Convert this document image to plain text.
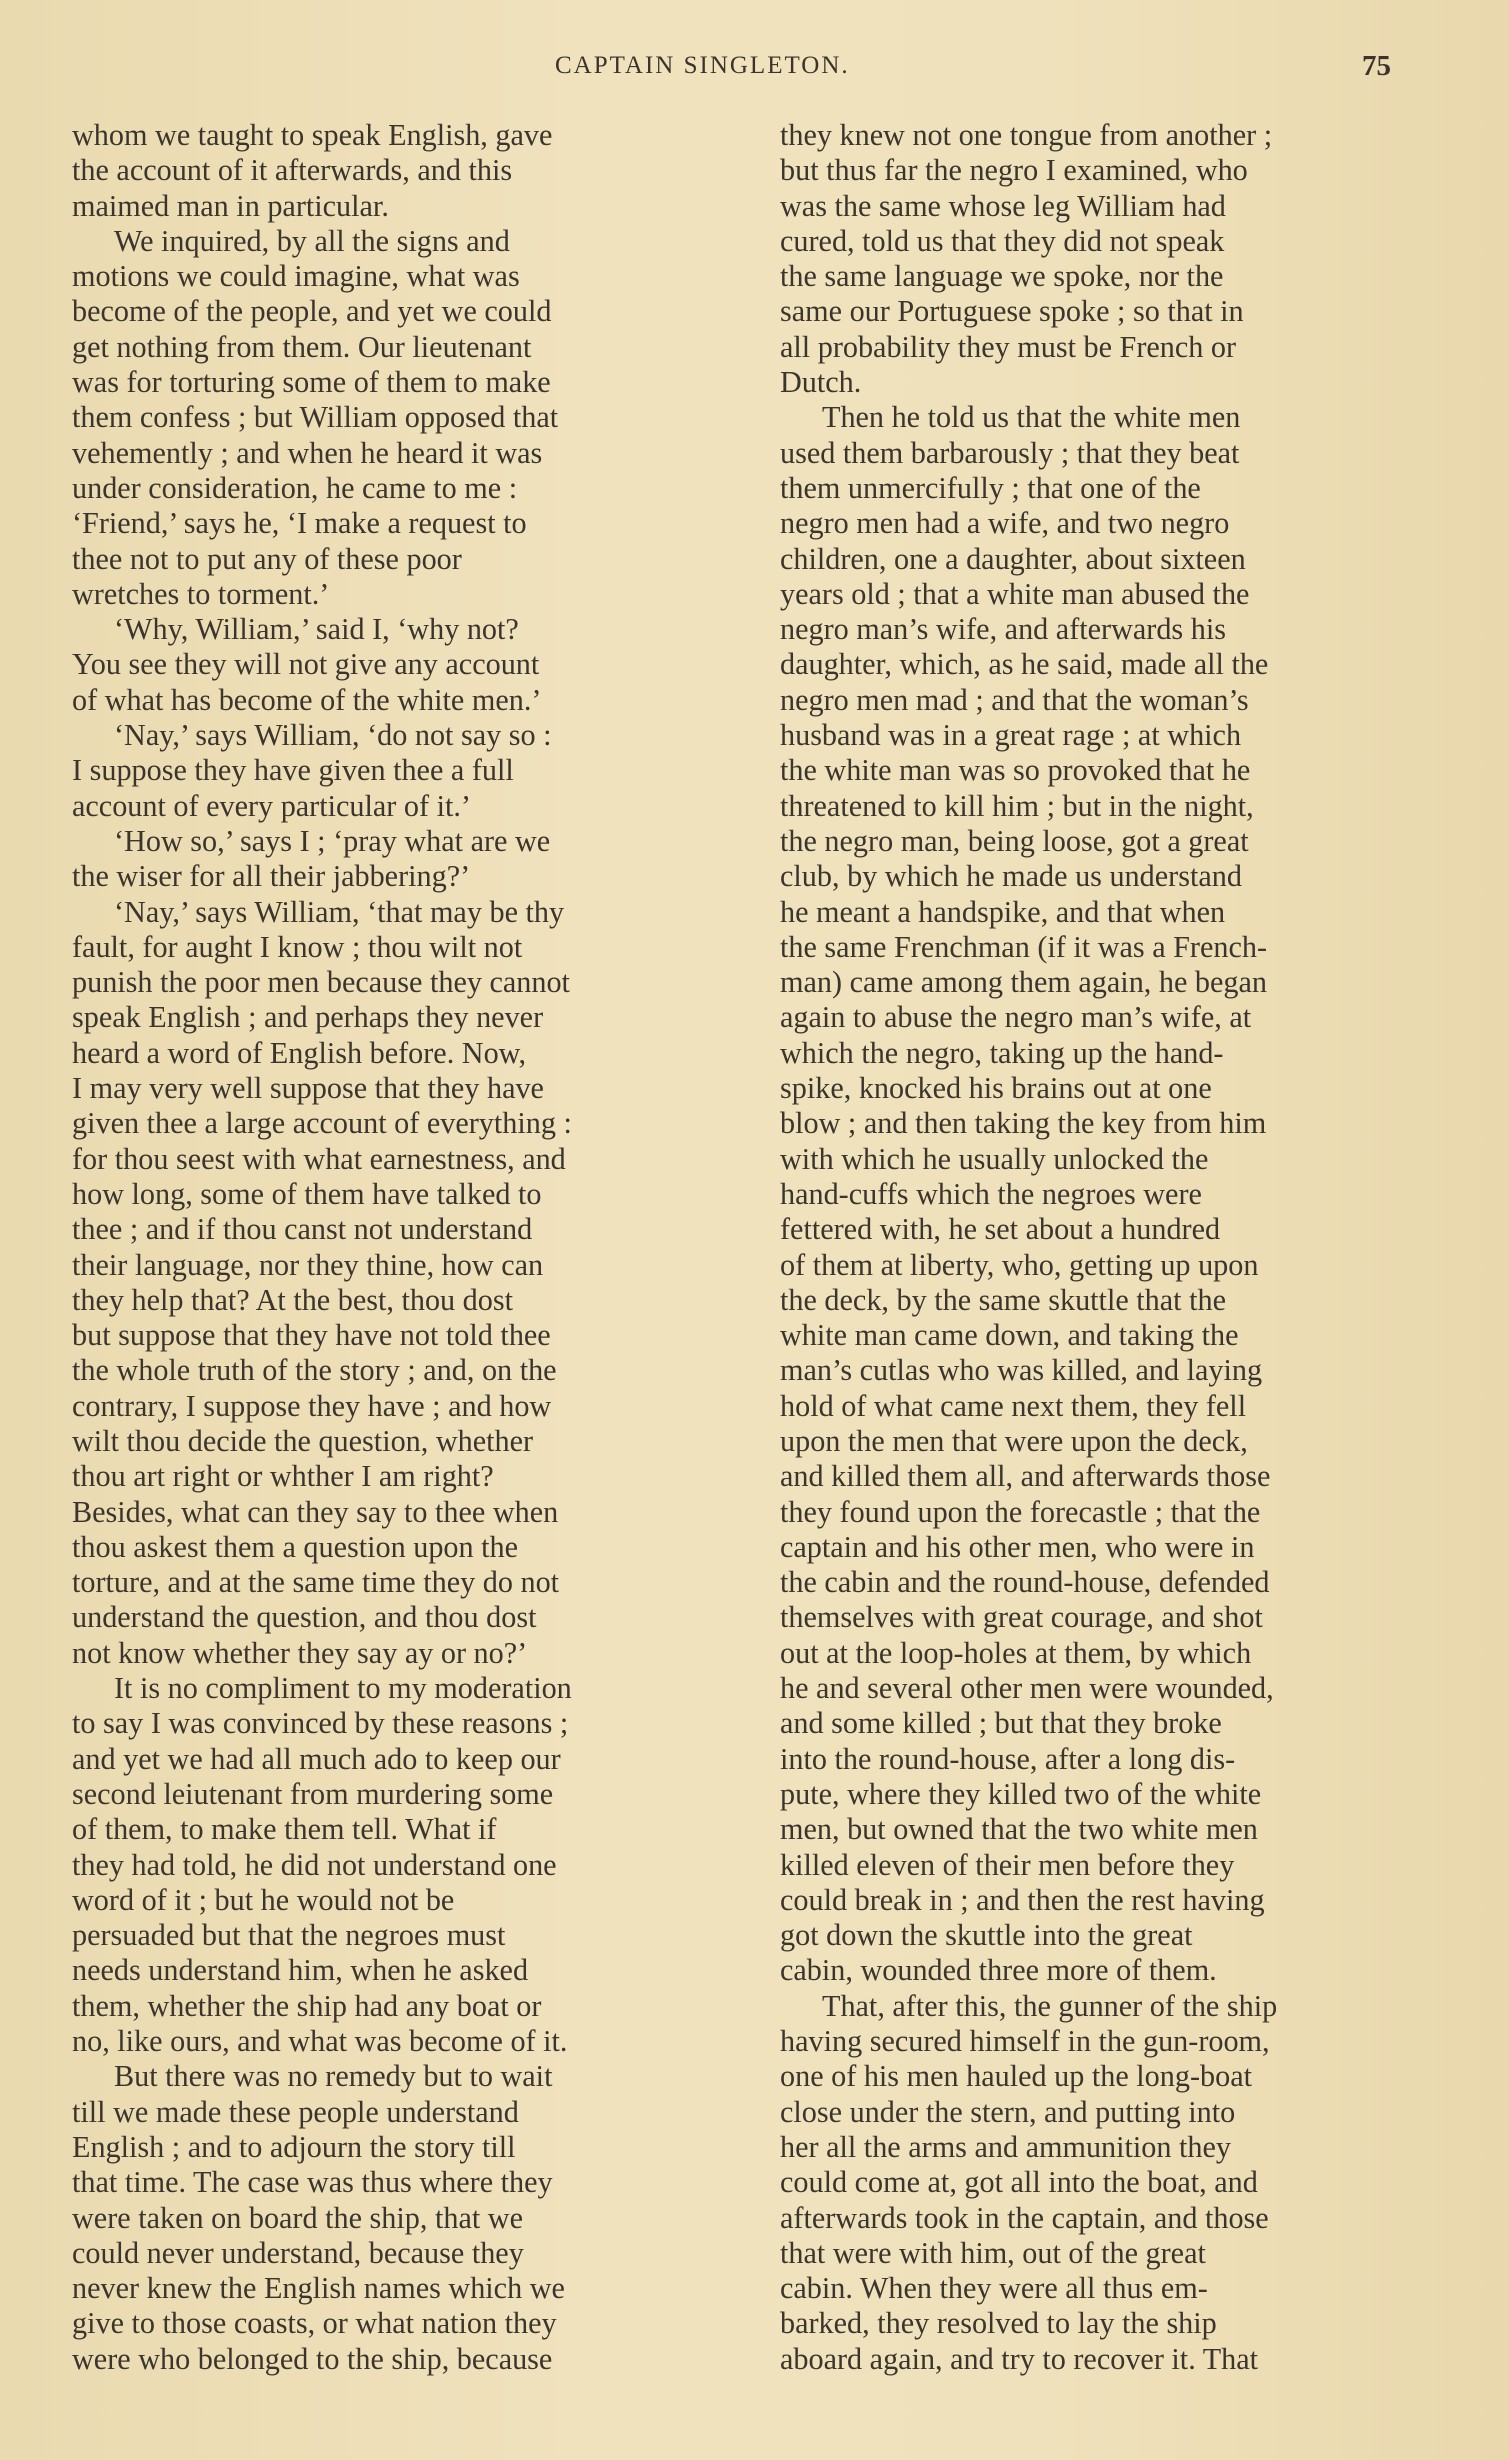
CAPTAIN SINGLETON.	75
whom we taught to speak English, gave
the account of it afterwards, and this
maimed man in particular.
We inquired, by all the signs and
motions we could imagine, what was
become of the people, and yet we could
get nothing from them. Our lieutenant
was for torturing some of them to make
them confess ; but William opposed that
vehemently ; and when he heard it was
under consideration, he came to me :
‘Friend,’ says he, ‘I make a request to
thee not to put any of these poor
wretches to torment.’
‘Why, William,’ said I, ‘why not?
You see they will not give any account
of what has become of the white men.’
‘Nay,’ says William, ‘do not say so :
I suppose they have given thee a full
account of every particular of it.’
‘How so,’ says I ; ‘pray what are we
the wiser for all their jabbering?’
‘Nay,’ says William, ‘that may be thy
fault, for aught I know ; thou wilt not
punish the poor men because they cannot
speak English ; and perhaps they never
heard a word of English before. Now,
I may very well suppose that they have
given thee a large account of everything :
for thou seest with what earnestness, and
how long, some of them have talked to
thee ; and if thou canst not understand
their language, nor they thine, how can
they help that? At the best, thou dost
but suppose that they have not told thee
the whole truth of the story ; and, on the
contrary, I suppose they have ; and how
wilt thou decide the question, whether
thou art right or whther I am right?
Besides, what can they say to thee when
thou askest them a question upon the
torture, and at the same time they do not
understand the question, and thou dost
not know whether they say ay or no?’
It is no compliment to my moderation
to say I was convinced by these reasons ;
and yet we had all much ado to keep our
second leiutenant from murdering some
of them, to make them tell. What if
they had told, he did not understand one
word of it ; but he would not be
persuaded but that the negroes must
needs understand him, when he asked
them, whether the ship had any boat or
no, like ours, and what was become of it.
But there was no remedy but to wait
till we made these people understand
English ; and to adjourn the story till
that time. The case was thus where they
were taken on board the ship, that we
could never understand, because they
never knew the English names which we
give to those coasts, or what nation they
were who belonged to the ship, because
they knew not one tongue from another ;
but thus far the negro I examined, who
was the same whose leg William had
cured, told us that they did not speak
the same language we spoke, nor the
same our Portuguese spoke ; so that in
all probability they must be French or
Dutch.
Then he told us that the white men
used them barbarously ; that they beat
them unmercifully ; that one of the
negro men had a wife, and two negro
children, one a daughter, about sixteen
years old ; that a white man abused the
negro man’s wife, and afterwards his
daughter, which, as he said, made all the
negro men mad ; and that the woman’s
husband was in a great rage ; at which
the white man was so provoked that he
threatened to kill him ; but in the night,
the negro man, being loose, got a great
club, by which he made us understand
he meant a handspike, and that when
the same Frenchman (if it was a French-
man) came among them again, he began
again to abuse the negro man’s wife, at
which the negro, taking up the hand-
spike, knocked his brains out at one
blow ; and then taking the key from him
with which he usually unlocked the
hand-cuffs which the negroes were
fettered with, he set about a hundred
of them at liberty, who, getting up upon
the deck, by the same skuttle that the
white man came down, and taking the
man’s cutlas who was killed, and laying
hold of what came next them, they fell
upon the men that were upon the deck,
and killed them all, and afterwards those
they found upon the forecastle ; that the
captain and his other men, who were in
the cabin and the round-house, defended
themselves with great courage, and shot
out at the loop-holes at them, by which
he and several other men were wounded,
and some killed ; but that they broke
into the round-house, after a long dis-
pute, where they killed two of the white
men, but owned that the two white men
killed eleven of their men before they
could break in ; and then the rest having
got down the skuttle into the great
cabin, wounded three more of them.
That, after this, the gunner of the ship
having secured himself in the gun-room,
one of his men hauled up the long-boat
close under the stern, and putting into
her all the arms and ammunition they
could come at, got all into the boat, and
afterwards took in the captain, and those
that were with him, out of the great
cabin. When they were all thus em-
barked, they resolved to lay the ship
aboard again, and try to recover it. That
